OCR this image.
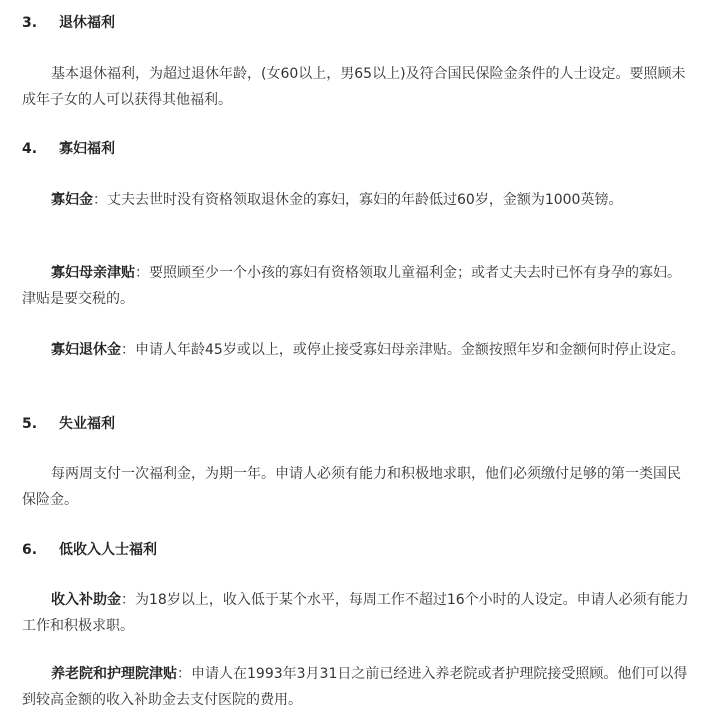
3. 退休福利
基本退休福利，为超过退休年龄，(女60以上，男65以上)及符合国民保险金条件的人士设定。要照顾未成年子女的人可以获得其他福利。
4. 寡妇福利
寡妇金：丈夫去世时没有资格领取退休金的寡妇，寡妇的年龄低过60岁，金额为1000英镑。
寡妇母亲津贴：要照顾至少一个小孩的寡妇有资格领取儿童福利金；或者丈夫去时已怀有身孕的寡妇。津贴是要交税的。
寡妇退休金：申请人年龄45岁或以上，或停止接受寡妇母亲津贴。金额按照年岁和金额何时停止设定。
5. 失业福利
每两周支付一次福利金，为期一年。申请人必须有能力和积极地求职，他们必须缴付足够的第一类国民保险金。
6. 低收入人士福利
收入补助金：为18岁以上，收入低于某个水平，每周工作不超过16个小时的人设定。申请人必须有能力工作和积极求职。
养老院和护理院津贴：申请人在1993年3月31日之前已经进入养老院或者护理院接受照顾。他们可以得到较高金额的收入补助金去支付医院的费用。
